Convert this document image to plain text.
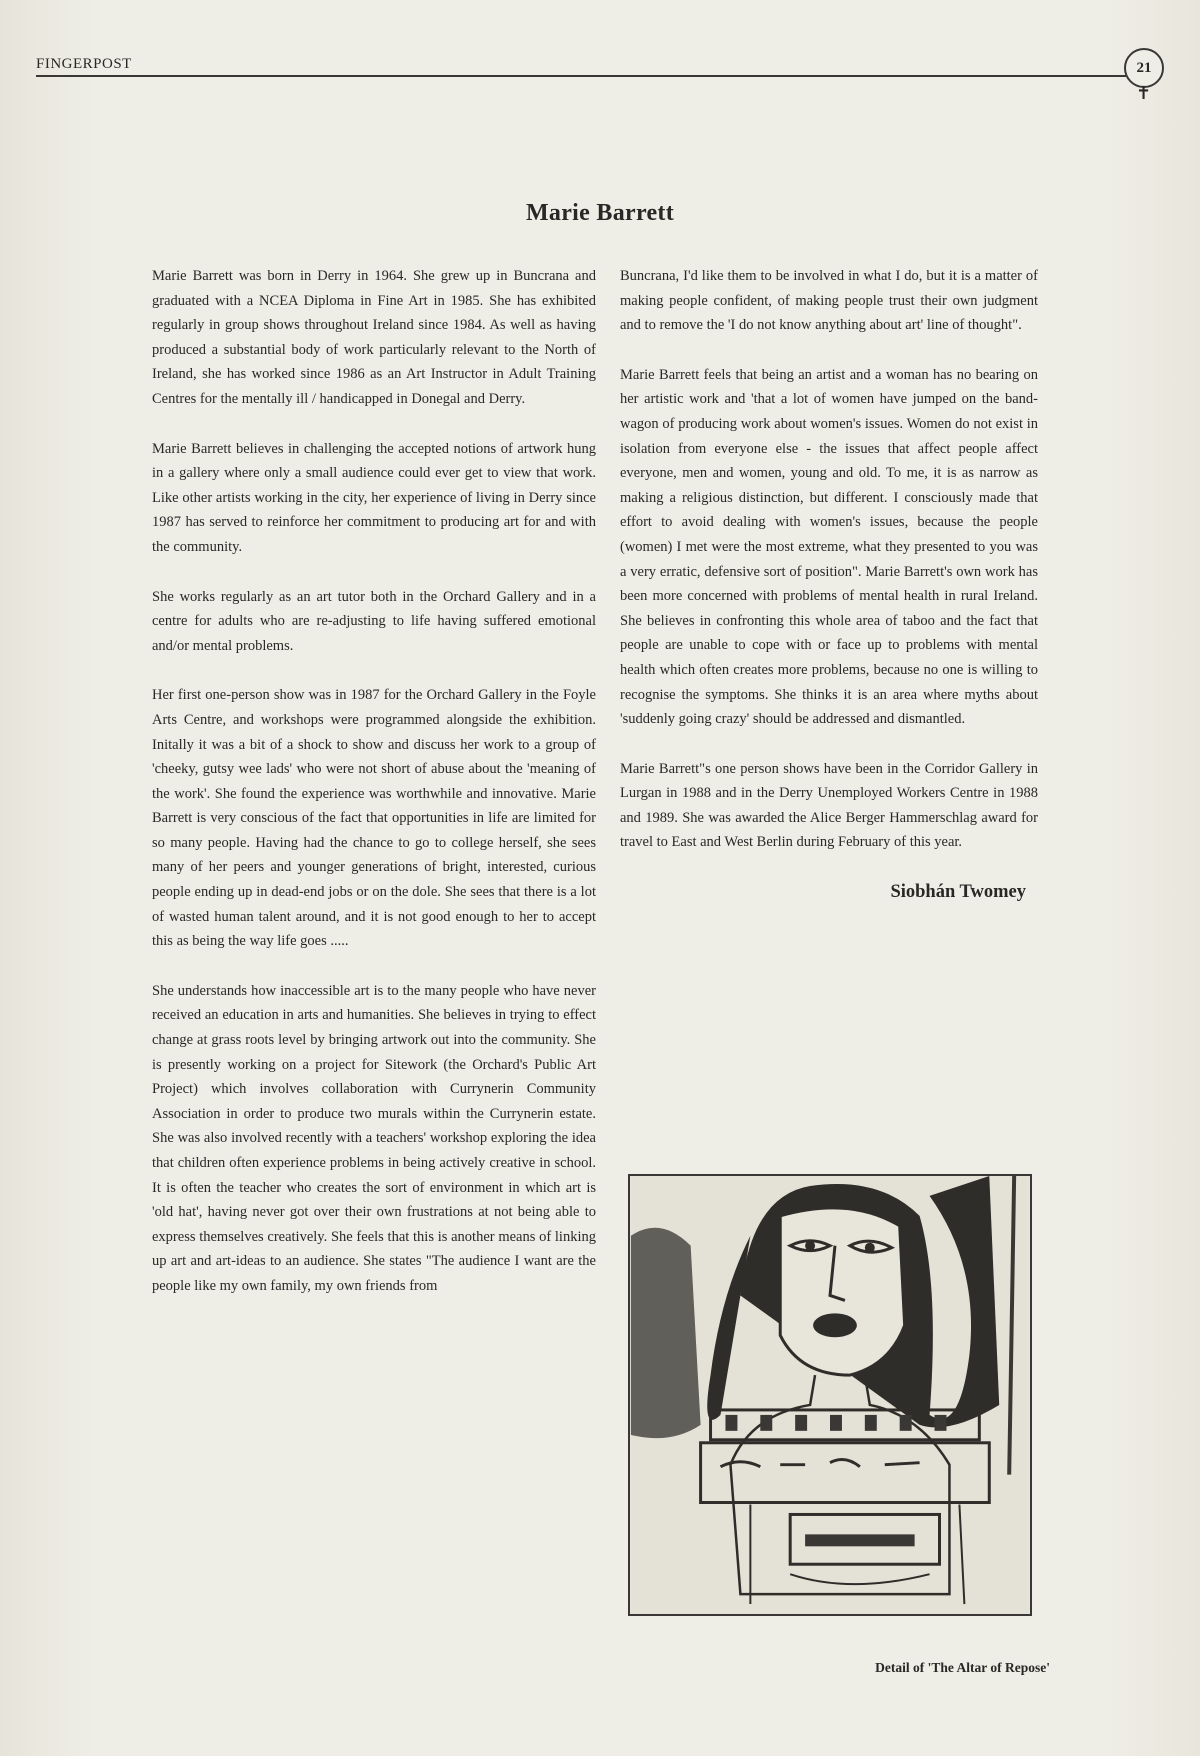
FINGERPOST	21
✝
Marie Barrett

Marie Barrett was born in Derry in 1964. She grew up in Buncrana and graduated with a NCEA Diploma in Fine Art in 1985. She has exhibited regularly in group shows throughout Ireland since 1984. As well as having produced a substantial body of work particularly relevant to the North of Ireland, she has worked since 1986 as an Art Instructor in Adult Training Centres for the mentally ill / handicapped in Donegal and Derry.

Marie Barrett believes in challenging the accepted notions of artwork hung in a gallery where only a small audience could ever get to view that work. Like other artists working in the city, her experience of living in Derry since 1987 has served to reinforce her commitment to producing art for and with the community.

She works regularly as an art tutor both in the Orchard Gallery and in a centre for adults who are re-adjusting to life having suffered emotional and/or mental problems.

Her first one-person show was in 1987 for the Orchard Gallery in the Foyle Arts Centre, and workshops were programmed alongside the exhibition. Initally it was a bit of a shock to show and discuss her work to a group of 'cheeky, gutsy wee lads' who were not short of abuse about the 'meaning of the work'. She found the experience was worthwhile and innovative. Marie Barrett is very conscious of the fact that opportunities in life are limited for so many people. Having had the chance to go to college herself, she sees many of her peers and younger generations of bright, interested, curious people ending up in dead-end jobs or on the dole. She sees that there is a lot of wasted human talent around, and it is not good enough to her to accept this as being the way life goes .....

She understands how inaccessible art is to the many people who have never received an education in arts and humanities. She believes in trying to effect change at grass roots level by bringing artwork out into the community. She is presently working on a project for Sitework (the Orchard's Public Art Project) which involves collaboration with Currynerin Community Association in order to produce two murals within the Currynerin estate. She was also involved recently with a teachers' workshop exploring the idea that children often experience problems in being actively creative in school. It is often the teacher who creates the sort of environment in which art is 'old hat', having never got over their own frustrations at not being able to express themselves creatively. She feels that this is another means of linking up art and art-ideas to an audience. She states "The audience I want are the people like my own family, my own friends from

Buncrana, I'd like them to be involved in what I do, but it is a matter of making people confident, of making people trust their own judgment and to remove the 'I do not know anything about art' line of thought".

Marie Barrett feels that being an artist and a woman has no bearing on her artistic work and 'that a lot of women have jumped on the band-wagon of producing work about women's issues. Women do not exist in isolation from everyone else - the issues that affect people affect everyone, men and women, young and old. To me, it is as narrow as making a religious distinction, but different. I consciously made that effort to avoid dealing with women's issues, because the people (women) I met were the most extreme, what they presented to you was a very erratic, defensive sort of position". Marie Barrett's own work has been more concerned with problems of mental health in rural Ireland. She believes in confronting this whole area of taboo and the fact that people are unable to cope with or face up to problems with mental health which often creates more problems, because no one is willing to recognise the symptoms. She thinks it is an area where myths about 'suddenly going crazy' should be addressed and dismantled.

Marie Barrett"s one person shows have been in the Corridor Gallery in Lurgan in 1988 and in the Derry Unemployed Workers Centre in 1988 and 1989. She was awarded the Alice Berger Hammerschlag award for travel to East and West Berlin during February of this year.

Siobhán Twomey
Detail of 'The Altar of Repose'
